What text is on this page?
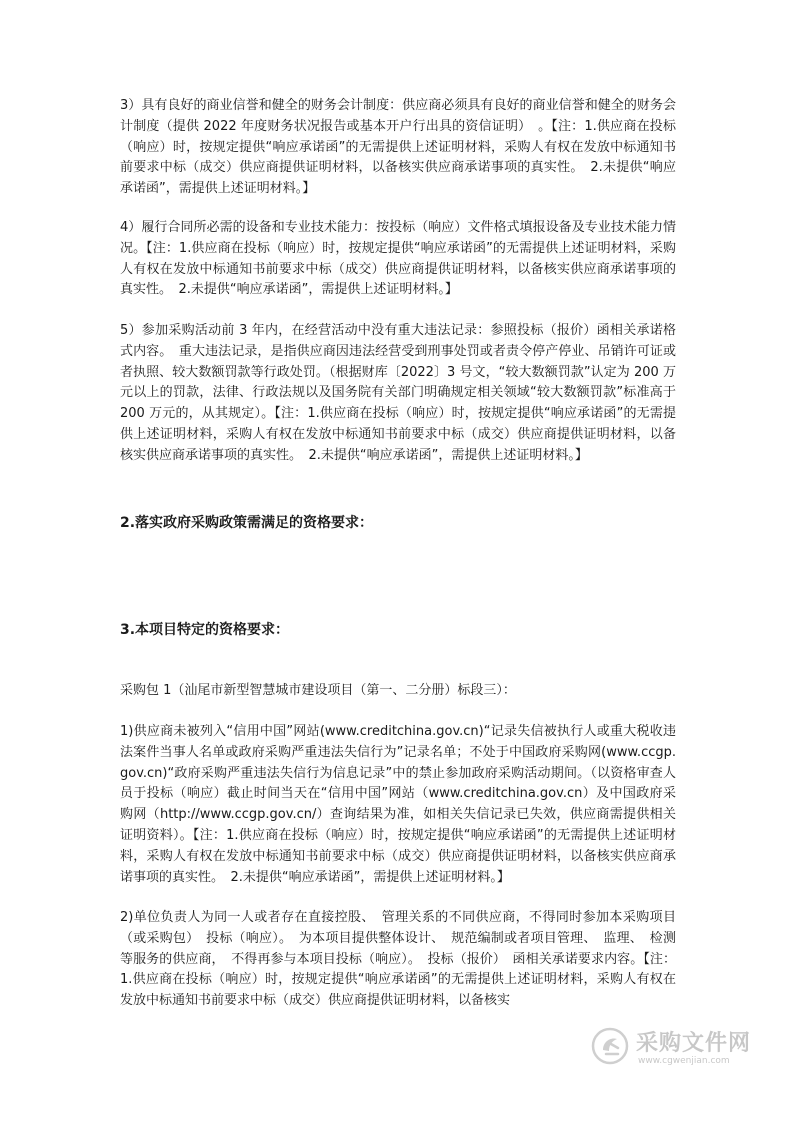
3）具有良好的商业信誉和健全的财务会计制度：供应商必须具有良好的商业信誉和健全的财务会计制度（提供 2022 年度财务状况报告或基本开户行出具的资信证明）　。【注：1.供应商在投标（响应）时，按规定提供“响应承诺函”的无需提供上述证明材料，采购人有权在发放中标通知书前要求中标（成交）供应商提供证明材料，以备核实供应商承诺事项的真实性。　2.未提供“响应承诺函”，需提供上述证明材料。】

4）履行合同所必需的设备和专业技术能力：按投标（响应）文件格式填报设备及专业技术能力情况。【注：1.供应商在投标（响应）时，按规定提供“响应承诺函”的无需提供上述证明材料，采购人有权在发放中标通知书前要求中标（成交）供应商提供证明材料，以备核实供应商承诺事项的真实性。　2.未提供“响应承诺函”，需提供上述证明材料。】

5）参加采购活动前 3 年内，在经营活动中没有重大违法记录：参照投标（报价）函相关承诺格式内容。　重大违法记录，是指供应商因违法经营受到刑事处罚或者责令停产停业、吊销许可证或者执照、较大数额罚款等行政处罚。（根据财库〔2022〕3 号文，“较大数额罚款”认定为 200 万元以上的罚款，法律、行政法规以及国务院有关部门明确规定相关领域“较大数额罚款”标准高于 200 万元的，从其规定）。【注：1.供应商在投标（响应）时，按规定提供“响应承诺函”的无需提供上述证明材料，采购人有权在发放中标通知书前要求中标（成交）供应商提供证明材料，以备核实供应商承诺事项的真实性。　2.未提供“响应承诺函”，需提供上述证明材料。】

2.落实政府采购政策需满足的资格要求：
3.本项目特定的资格要求：

采购包 1（汕尾市新型智慧城市建设项目（第一、二分册）标段三）：

1)供应商未被列入“信用中国”网站(www.creditchina.gov.cn)“记录失信被执行人或重大税收违法案件当事人名单或政府采购严重违法失信行为”记录名单；不处于中国政府采购网(www.ccgp.gov.cn)“政府采购严重违法失信行为信息记录”中的禁止参加政府采购活动期间。（以资格审查人员于投标（响应）截止时间当天在“信用中国”网站（www.creditchina.gov.cn）及中国政府采购网（http://www.ccgp.gov.cn/）查询结果为准，如相关失信记录已失效，供应商需提供相关证明资料）。【注：1.供应商在投标（响应）时，按规定提供“响应承诺函”的无需提供上述证明材料，采购人有权在发放中标通知书前要求中标（成交）供应商提供证明材料，以备核实供应商承诺事项的真实性。　2.未提供“响应承诺函”，需提供上述证明材料。】

2)单位负责人为同一人或者存在直接控股、　管理关系的不同供应商，不得同时参加本采购项目（或采购包）　投标（响应）。　为本项目提供整体设计、　规范编制或者项目管理、　监理、　检测等服务的供应商，　不得再参与本项目投标（响应）。　投标（报价）　函相关承诺要求内容。【注：1.供应商在投标（响应）时，按规定提供“响应承诺函”的无需提供上述证明材料，采购人有权在发放中标通知书前要求中标（成交）供应商提供证明材料，以备核实

采购文件网
www.cgwenjian.com
